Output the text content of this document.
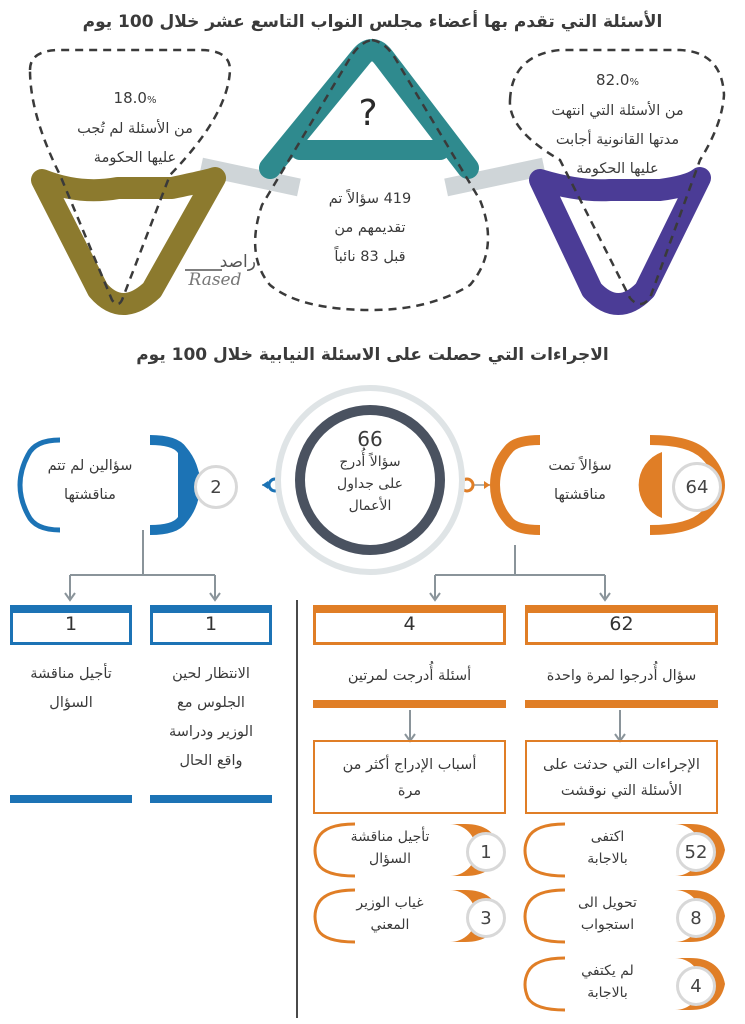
الأسئلة التي تقدم بها أعضاء مجلس النواب التاسع عشر خلال 100 يوم
?
18.0%
من الأسئلة لم تُجب
عليها الحكومة
82.0%
من الأسئلة التي انتهت
مدتها القانونية أجابت
عليها الحكومة
419 سؤالاً تم
تقديمهم من
قبل 83 نائباً
راصد
Rased
الاجراءات التي حصلت على الاسئلة النيابية خلال 100 يوم
66
سؤالاً أُدرج
على جداول
الأعمال
2
سؤالين لم تتم
مناقشتها	64
سؤالاً تمت
مناقشتها
1
1
الانتظار لحين
الجلوس مع
الوزير ودراسة
واقع الحال
تأجيل مناقشة
السؤال
62
4
سؤال أُدرجوا لمرة واحدة
أسئلة أُدرجت لمرتين
الإجراءات التي حدثت على
الأسئلة التي نوقشت
أسباب الإدراج أكثر من
مرة
1
تأجيل مناقشة
السؤال
3
غياب الوزير
المعني
52
اكتفى
بالاجابة
8
تحويل الى
استجواب
4
لم يكتفي
بالاجابة
